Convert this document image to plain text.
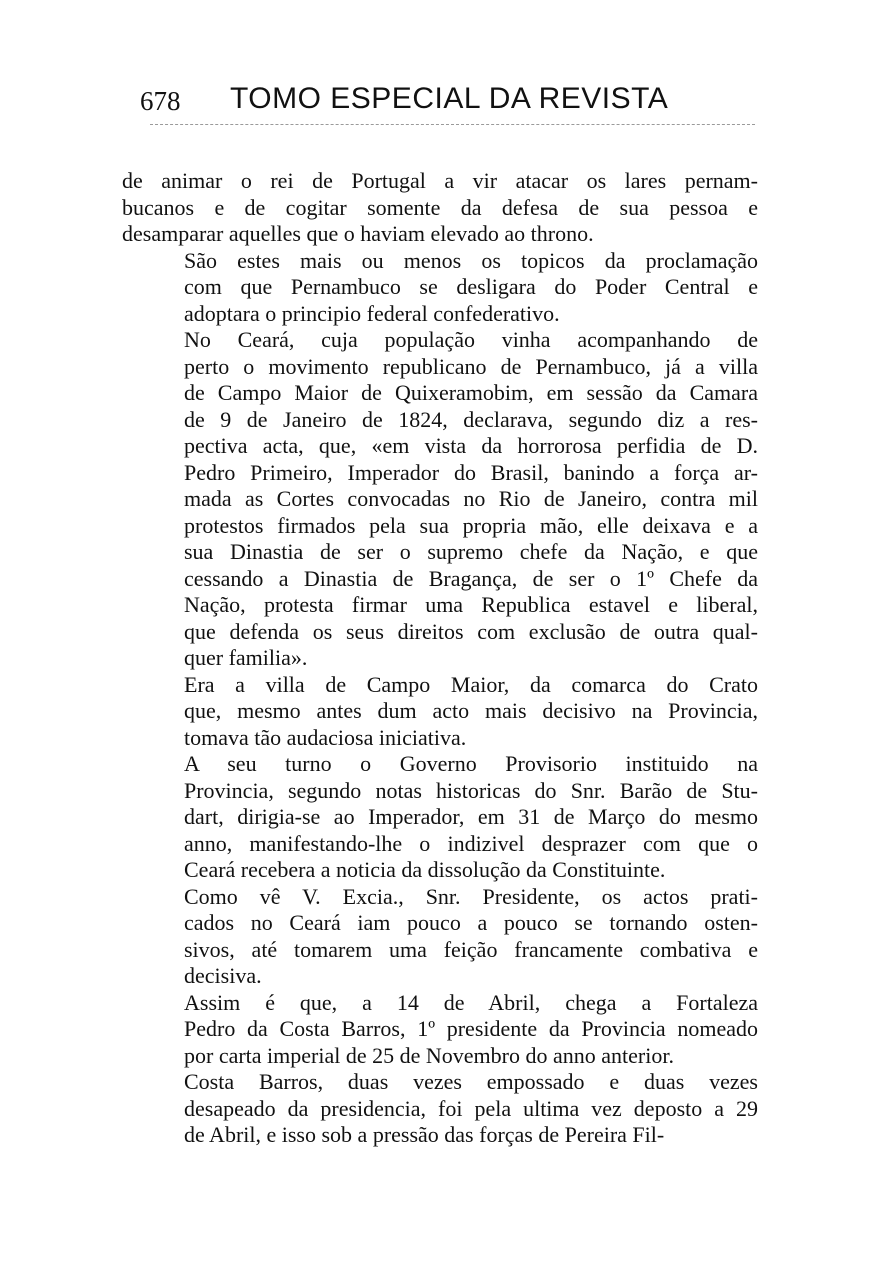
678 TOMO ESPECIAL DA REVISTA

de animar o rei de Portugal a vir atacar os lares pernam-
bucanos e de cogitar somente da defesa de sua pessoa e
desamparar aquelles que o haviam elevado ao throno.

São estes mais ou menos os topicos da proclamação
com que Pernambuco se desligara do Poder Central e
adoptara o principio federal confederativo.

No Ceará, cuja população vinha acompanhando de
perto o movimento republicano de Pernambuco, já a villa
de Campo Maior de Quixeramobim, em sessão da Camara
de 9 de Janeiro de 1824, declarava, segundo diz a res-
pectiva acta, que, «em vista da horrorosa perfidia de D.
Pedro Primeiro, Imperador do Brasil, banindo a força ar-
mada as Cortes convocadas no Rio de Janeiro, contra mil
protestos firmados pela sua propria mão, elle deixava e a
sua Dinastia de ser o supremo chefe da Nação, e que
cessando a Dinastia de Bragança, de ser o 1º Chefe da
Nação, protesta firmar uma Republica estavel e liberal,
que defenda os seus direitos com exclusão de outra qual-
quer familia».

Era a villa de Campo Maior, da comarca do Crato
que, mesmo antes dum acto mais decisivo na Provincia,
tomava tão audaciosa iniciativa.

A seu turno o Governo Provisorio instituido na
Provincia, segundo notas historicas do Snr. Barão de Stu-
dart, dirigia-se ao Imperador, em 31 de Março do mesmo
anno, manifestando-lhe o indizivel desprazer com que o
Ceará recebera a noticia da dissolução da Constituinte.

Como vê V. Excia., Snr. Presidente, os actos prati-
cados no Ceará iam pouco a pouco se tornando osten-
sivos, até tomarem uma feição francamente combativa e
decisiva.

Assim é que, a 14 de Abril, chega a Fortaleza
Pedro da Costa Barros, 1º presidente da Provincia nomeado
por carta imperial de 25 de Novembro do anno anterior.

Costa Barros, duas vezes empossado e duas vezes
desapeado da presidencia, foi pela ultima vez deposto a 29
de Abril, e isso sob a pressão das forças de Pereira Fil-
